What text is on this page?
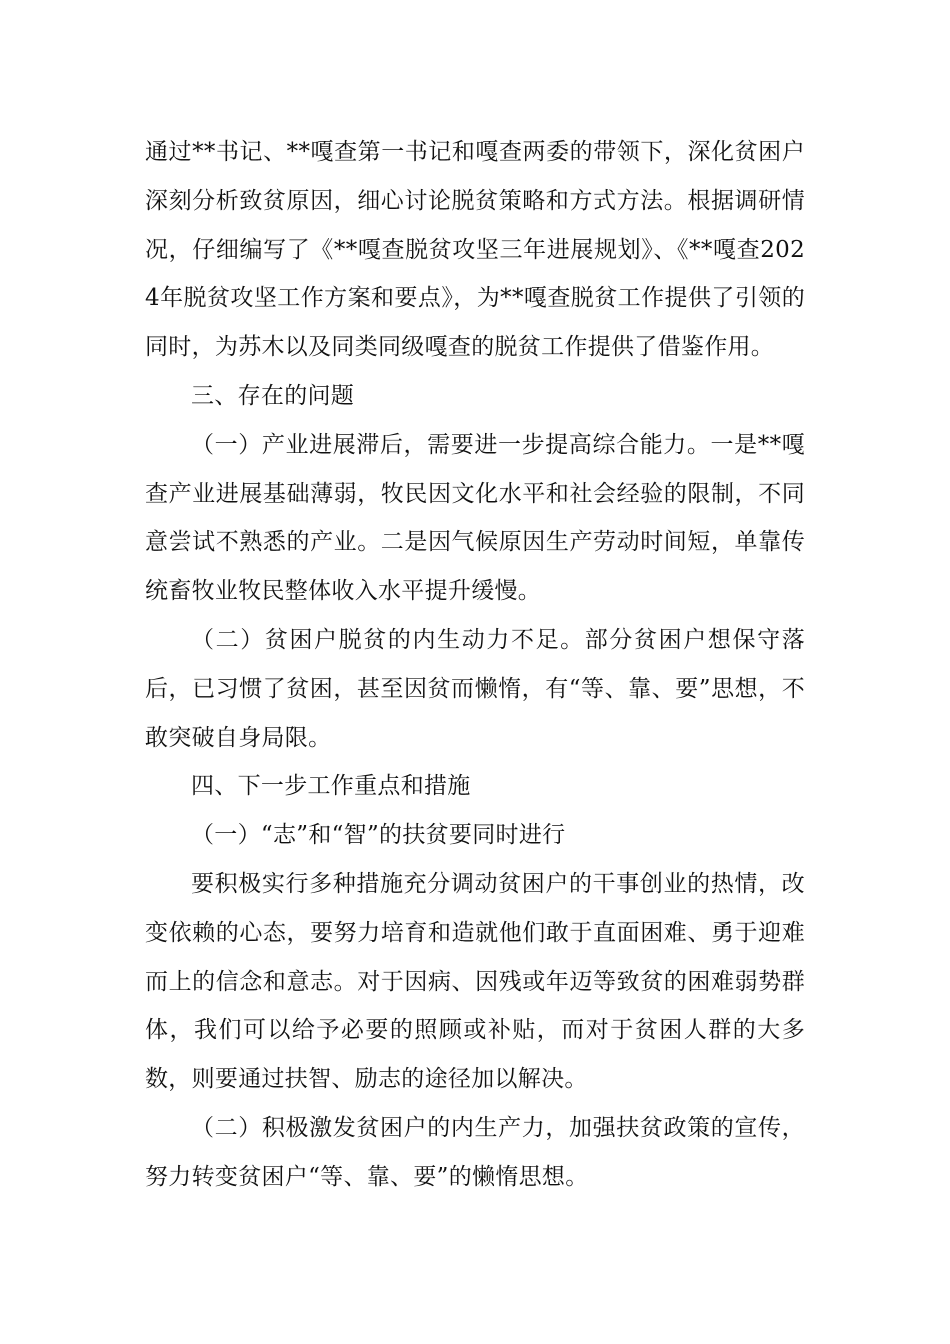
通过**书记、**嘎查第一书记和嘎查两委的带领下，深化贫困户深刻分析致贫原因，细心讨论脱贫策略和方式方法。根据调研情况，仔细编写了《**嘎查脱贫攻坚三年进展规划》、《**嘎查2024年脱贫攻坚工作方案和要点》，为**嘎查脱贫工作提供了引领的同时，为苏木以及同类同级嘎查的脱贫工作提供了借鉴作用。

三、存在的问题

（一）产业进展滞后，需要进一步提高综合能力。一是**嘎查产业进展基础薄弱，牧民因文化水平和社会经验的限制，不同意尝试不熟悉的产业。二是因气候原因生产劳动时间短，单靠传统畜牧业牧民整体收入水平提升缓慢。

（二）贫困户脱贫的内生动力不足。部分贫困户想保守落后，已习惯了贫困，甚至因贫而懒惰，有“等、靠、要”思想，不敢突破自身局限。

四、下一步工作重点和措施

（一）“志”和“智”的扶贫要同时进行

要积极实行多种措施充分调动贫困户的干事创业的热情，改变依赖的心态，要努力培育和造就他们敢于直面困难、勇于迎难而上的信念和意志。对于因病、因残或年迈等致贫的困难弱势群体，我们可以给予必要的照顾或补贴，而对于贫困人群的大多数，则要通过扶智、励志的途径加以解决。

（二）积极激发贫困户的内生产力，加强扶贫政策的宣传，努力转变贫困户“等、靠、要”的懒惰思想。
